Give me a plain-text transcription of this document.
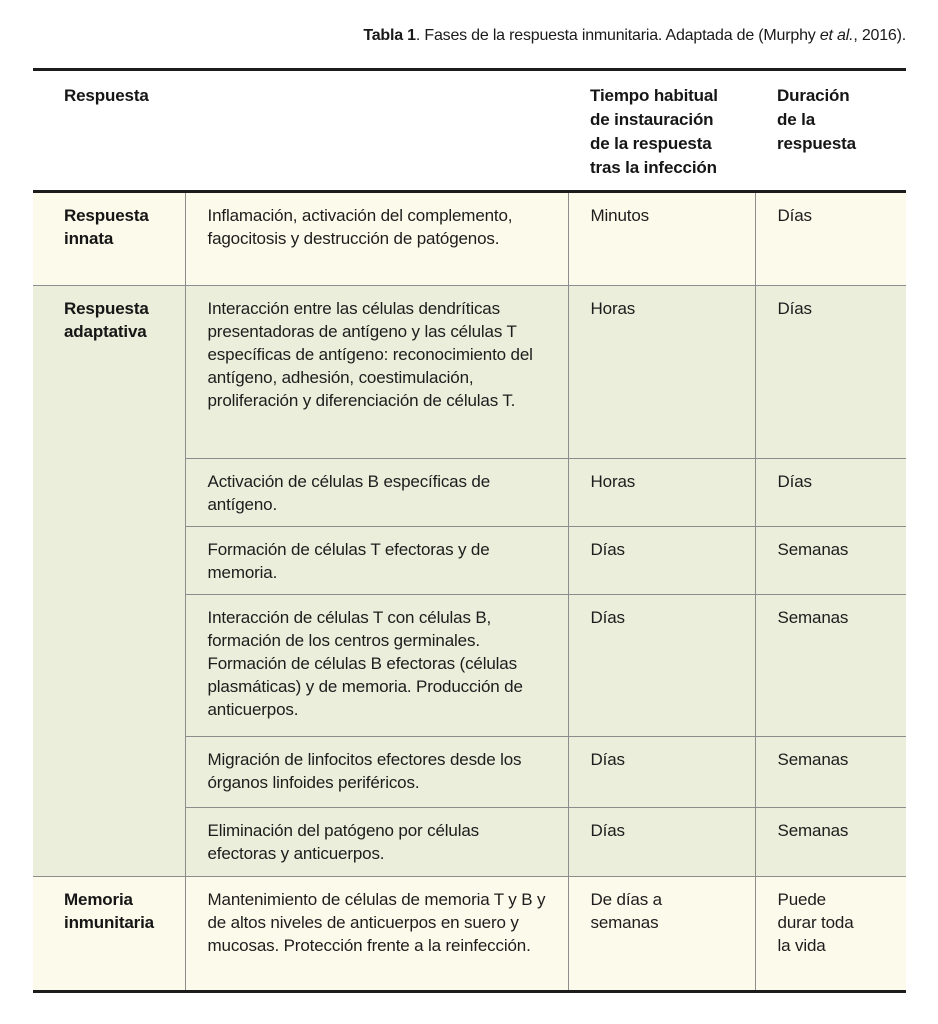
Tabla 1. Fases de la respuesta inmunitaria. Adaptada de (Murphy et al., 2016).

Respuesta		Tiempo habitual de instauración de la respuesta tras la infección	Duración de la respuesta
Respuesta innata	Inflamación, activación del complemento, fagocitosis y destrucción de patógenos.	Minutos	Días
Respuesta adaptativa	Interacción entre las células dendríticas presentadoras de antígeno y las células T específicas de antígeno: reconocimiento del antígeno, adhesión, coestimulación, proliferación y diferenciación de células T.	Horas	Días
	Activación de células B específicas de antígeno.	Horas	Días
	Formación de células T efectoras y de memoria.	Días	Semanas
	Interacción de células T con células B, formación de los centros germinales. Formación de células B efectoras (células plasmáticas) y de memoria. Producción de anticuerpos.	Días	Semanas
	Migración de linfocitos efectores desde los órganos linfoides periféricos.	Días	Semanas
	Eliminación del patógeno por células efectoras y anticuerpos.	Días	Semanas
Memoria inmunitaria	Mantenimiento de células de memoria T y B y de altos niveles de anticuerpos en suero y mucosas. Protección frente a la reinfección.	De días a semanas	Puede durar toda la vida
